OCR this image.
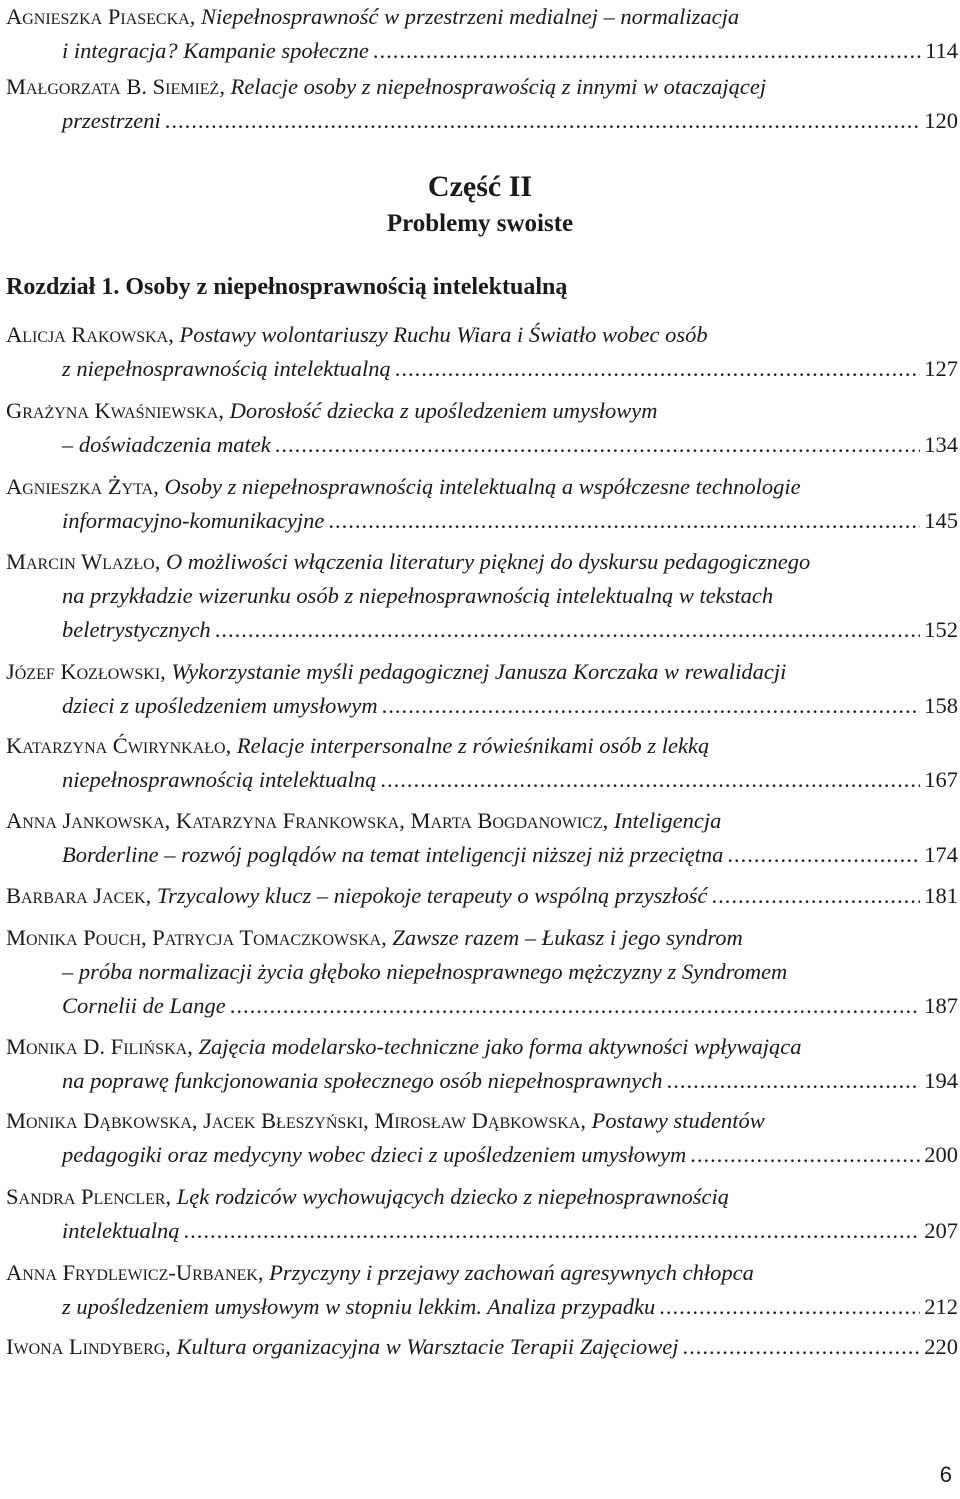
Agnieszka Piasecka , Niepełnosprawność w przestrzeni medialnej – normalizacja
i integracja? Kampanie społeczne .....	114
Małgorzata B. Siemież , Relacje osoby z niepełnosprawością z innymi w otaczającej
przestrzeni .....	120
Część II
Problemy swoiste
Rozdział 1. Osoby z niepełnosprawnością intelektualną
Alicja Rakowska , Postawy wolontariuszy Ruchu Wiara i Światło wobec osób
z niepełnosprawnością intelektualną .....	127
Grażyna Kwaśniewska , Dorosłość dziecka z upośledzeniem umysłowym
– doświadczenia matek .....	134
Agnieszka Żyta , Osoby z niepełnosprawnością intelektualną a współczesne technologie
informacyjno-komunikacyjne .....	145
Marcin Wlazło , O możliwości włączenia literatury pięknej do dyskursu pedagogicznego
na przykładzie wizerunku osób z niepełnosprawnością intelektualną w tekstach
beletrystycznych .....	152
Józef Kozłowski , Wykorzystanie myśli pedagogicznej Janusza Korczaka w rewalidacji
dzieci z upośledzeniem umysłowym .....	158
Katarzyna Ćwirynkało , Relacje interpersonalne z rówieśnikami osób z lekką
niepełnosprawnością intelektualną .....	167
Anna Jankowska, Katarzyna Frankowska, Marta Bogdanowicz , Inteligencja
Borderline – rozwój poglądów na temat inteligencji niższej niż przeciętna .....	174
Barbara Jacek , Trzycalowy klucz – niepokoje terapeuty o wspólną przyszłość .....	181
Monika Pouch, Patrycja Tomaczkowska , Zawsze razem – Łukasz i jego syndrom
– próba normalizacji życia głęboko niepełnosprawnego mężczyzny z Syndromem
Cornelii de Lange .....	187
Monika D. Filińska , Zajęcia modelarsko-techniczne jako forma aktywności wpływająca
na poprawę funkcjonowania społecznego osób niepełnosprawnych .....	194
Monika Dąbkowska, Jacek Błeszyński, Mirosław Dąbkowska , Postawy studentów
pedagogiki oraz medycyny wobec dzieci z upośledzeniem umysłowym .....	200
Sandra Plencler , Lęk rodziców wychowujących dziecko z niepełnosprawnością
intelektualną .....	207
Anna Frydlewicz-Urbanek , Przyczyny i przejawy zachowań agresywnych chłopca
z upośledzeniem umysłowym w stopniu lekkim. Analiza przypadku .....	212
Iwona Lindyberg , Kultura organizacyjna w Warsztacie Terapii Zajęciowej .....	220
6
